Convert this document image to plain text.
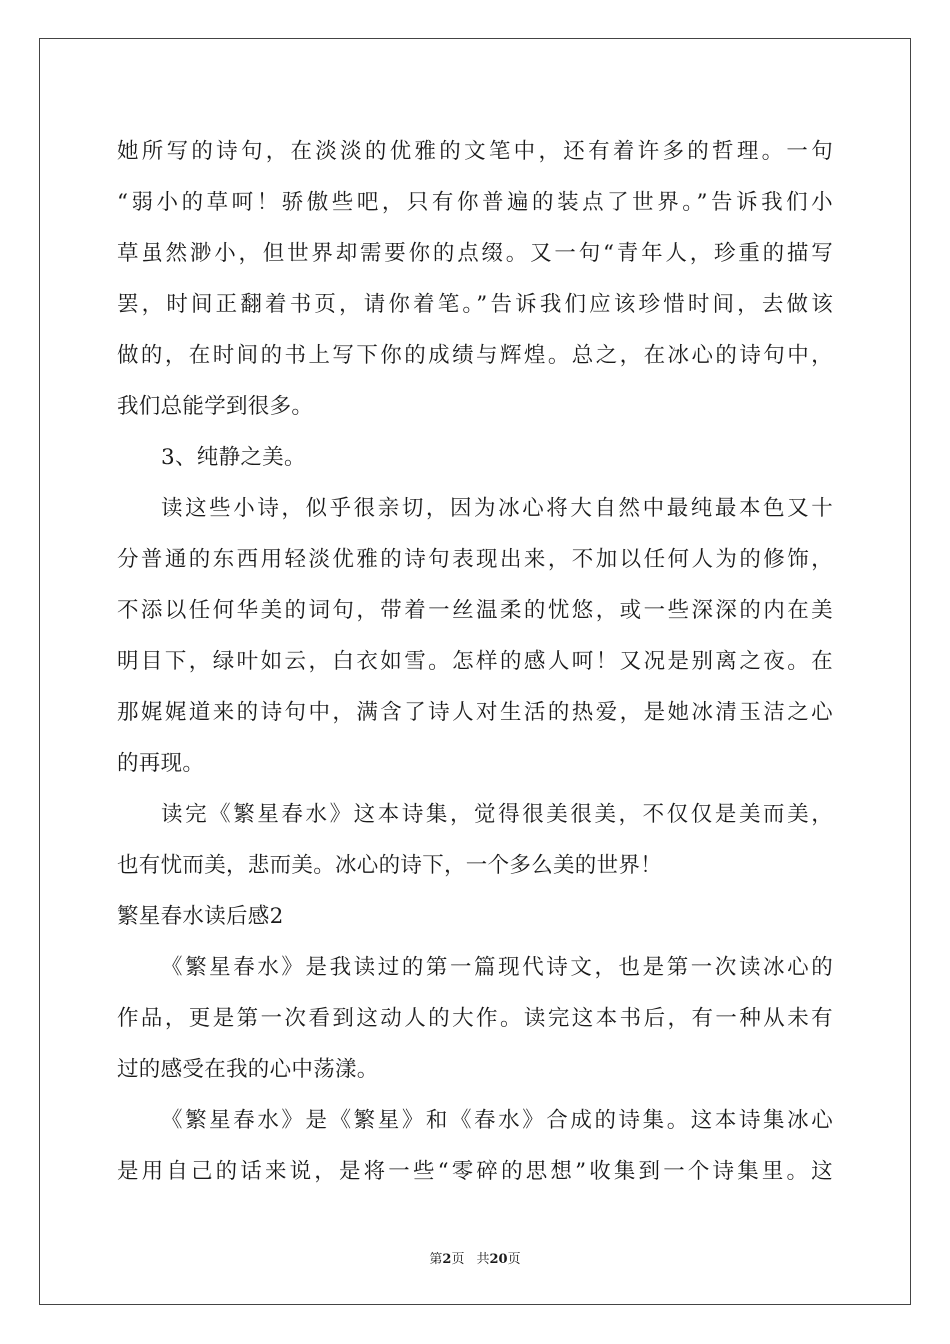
她所写的诗句，在淡淡的优雅的文笔中，还有着许多的哲理。一句
“弱小的草呵！骄傲些吧，只有你普遍的装点了世界。”告诉我们小
草虽然渺小，但世界却需要你的点缀。又一句“青年人，珍重的描写
罢，时间正翻着书页，请你着笔。”告诉我们应该珍惜时间，去做该
做的，在时间的书上写下你的成绩与辉煌。总之，在冰心的诗句中，
我们总能学到很多。
3、纯静之美。
读这些小诗，似乎很亲切，因为冰心将大自然中最纯最本色又十
分普通的东西用轻淡优雅的诗句表现出来，不加以任何人为的修饰，
不添以任何华美的词句，带着一丝温柔的忧悠，或一些深深的内在美
明目下，绿叶如云，白衣如雪。怎样的感人呵！又况是别离之夜。在
那娓娓道来的诗句中，满含了诗人对生活的热爱，是她冰清玉洁之心
的再现。
读完《繁星春水》这本诗集，觉得很美很美，不仅仅是美而美，
也有忧而美，悲而美。冰心的诗下，一个多么美的世界！
繁星春水读后感2
《繁星春水》是我读过的第一篇现代诗文，也是第一次读冰心的
作品，更是第一次看到这动人的大作。读完这本书后，有一种从未有
过的感受在我的心中荡漾。
《繁星春水》是《繁星》和《春水》合成的诗集。这本诗集冰心
是用自己的话来说，是将一些“零碎的思想”收集到一个诗集里。这
第2页 共20页
